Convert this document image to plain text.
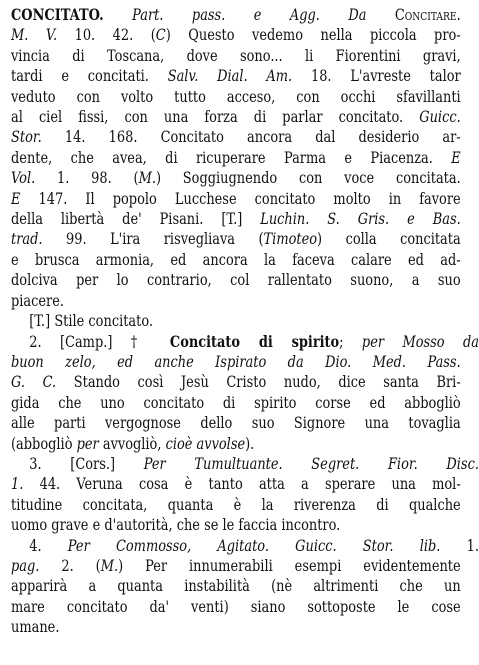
CONCITATO. Part. pass. e Agg. Da Concitare.
M. V. 10. 42. (C) Questo vedemo nella piccola pro-
vincia di Toscana, dove sono... li Fiorentini gravi,
tardi e concitati. Salv. Dial. Am. 18. L'avreste talor
veduto con volto tutto acceso, con occhi sfavillanti
al ciel fissi, con una forza di parlar concitato. Guicc.
Stor. 14. 168. Concitato ancora dal desiderio ar-
dente, che avea, di ricuperare Parma e Piacenza. E
Vol. 1. 98. (M.) Soggiugnendo con voce concitata.
E 147. Il popolo Lucchese concitato molto in favore
della libertà de' Pisani. [T.] Luchin. S. Gris. e Bas.
trad. 99. L'ira risvegliava (Timoteo) colla concitata
e brusca armonia, ed ancora la faceva calare ed ad-
dolciva per lo contrario, col rallentato suono, a suo
piacere.
[T.] Stile concitato.
2. [Camp.] † Concitato di spirito; per Mosso da
buon zelo, ed anche Ispirato da Dio. Med. Pass.
G. C. Stando così Jesù Cristo nudo, dice santa Bri-
gida che uno concitato di spirito corse ed abbogliò
alle parti vergognose dello suo Signore una tovaglia
(abbogliò per avvogliò, cioè avvolse).
3. [Cors.] Per Tumultuante. Segret. Fior. Disc.
1. 44. Veruna cosa è tanto atta a sperare una mol-
titudine concitata, quanta è la riverenza di qualche
uomo grave e d'autorità, che se le faccia incontro.
4. Per Commosso, Agitato. Guicc. Stor. lib. 1.
pag. 2. (M.) Per innumerabili esempi evidentemente
apparirà a quanta instabilità (nè altrimenti che un
mare concitato da' venti) siano sottoposte le cose
umane.
